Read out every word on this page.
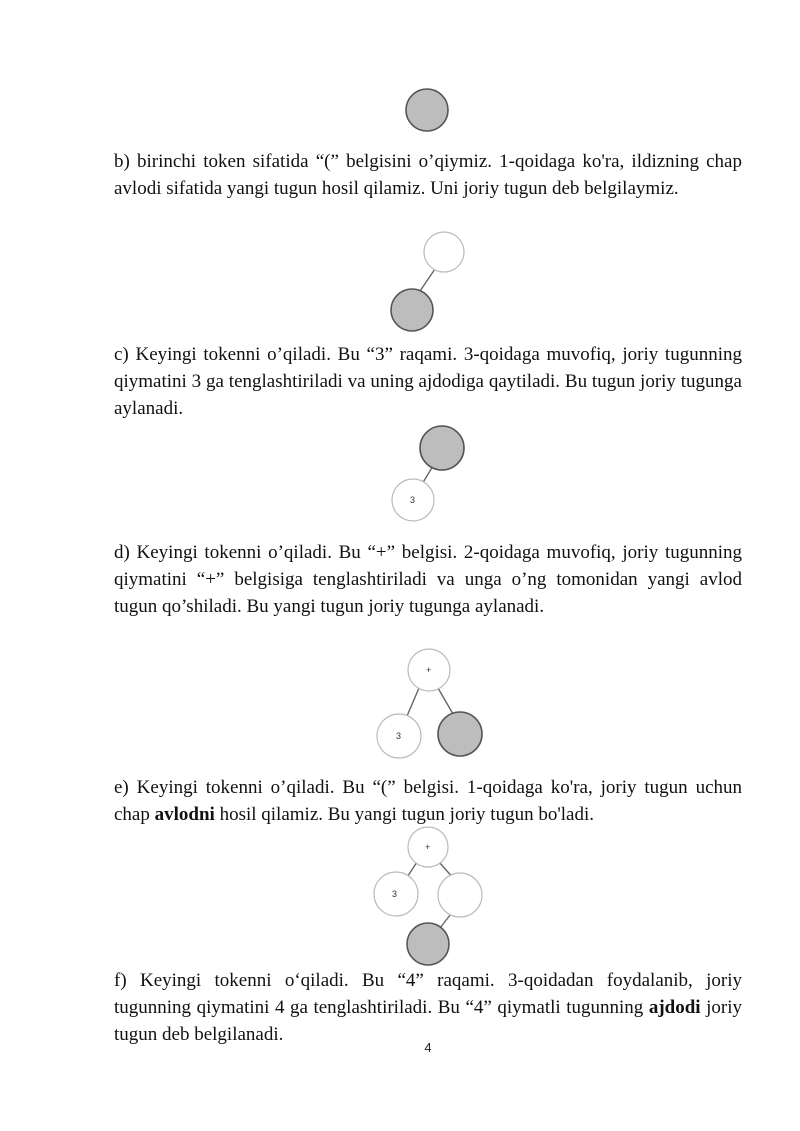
b) birinchi token sifatida “(” belgisini o’qiymiz. 1-qoidaga ko'ra, ildizning chap avlodi sifatida yangi tugun hosil qilamiz. Uni joriy tugun deb belgilaymiz.

c) Keyingi tokenni o’qiladi. Bu “3” raqami. 3-qoidaga muvofiq, joriy tugunning qiymatini 3 ga tenglashtiriladi va uning ajdodiga qaytiladi. Bu tugun joriy tugunga aylanadi.

3

d) Keyingi tokenni o’qiladi. Bu “+” belgisi. 2-qoidaga muvofiq, joriy tugunning qiymatini “+” belgisiga tenglashtiriladi va unga o’ng tomonidan yangi avlod tugun qo’shiladi. Bu yangi tugun joriy tugunga aylanadi.

+
3

e) Keyingi tokenni o’qiladi. Bu “(” belgisi. 1-qoidaga ko'ra, joriy tugun uchun chap avlodni hosil qilamiz. Bu yangi tugun joriy tugun bo'ladi.

+
3

f) Keyingi tokenni o‘qiladi. Bu “4” raqami. 3-qoidadan foydalanib, joriy tugunning qiymatini 4 ga tenglashtiriladi. Bu “4” qiymatli tugunning ajdodi joriy tugun deb belgilanadi.

4
